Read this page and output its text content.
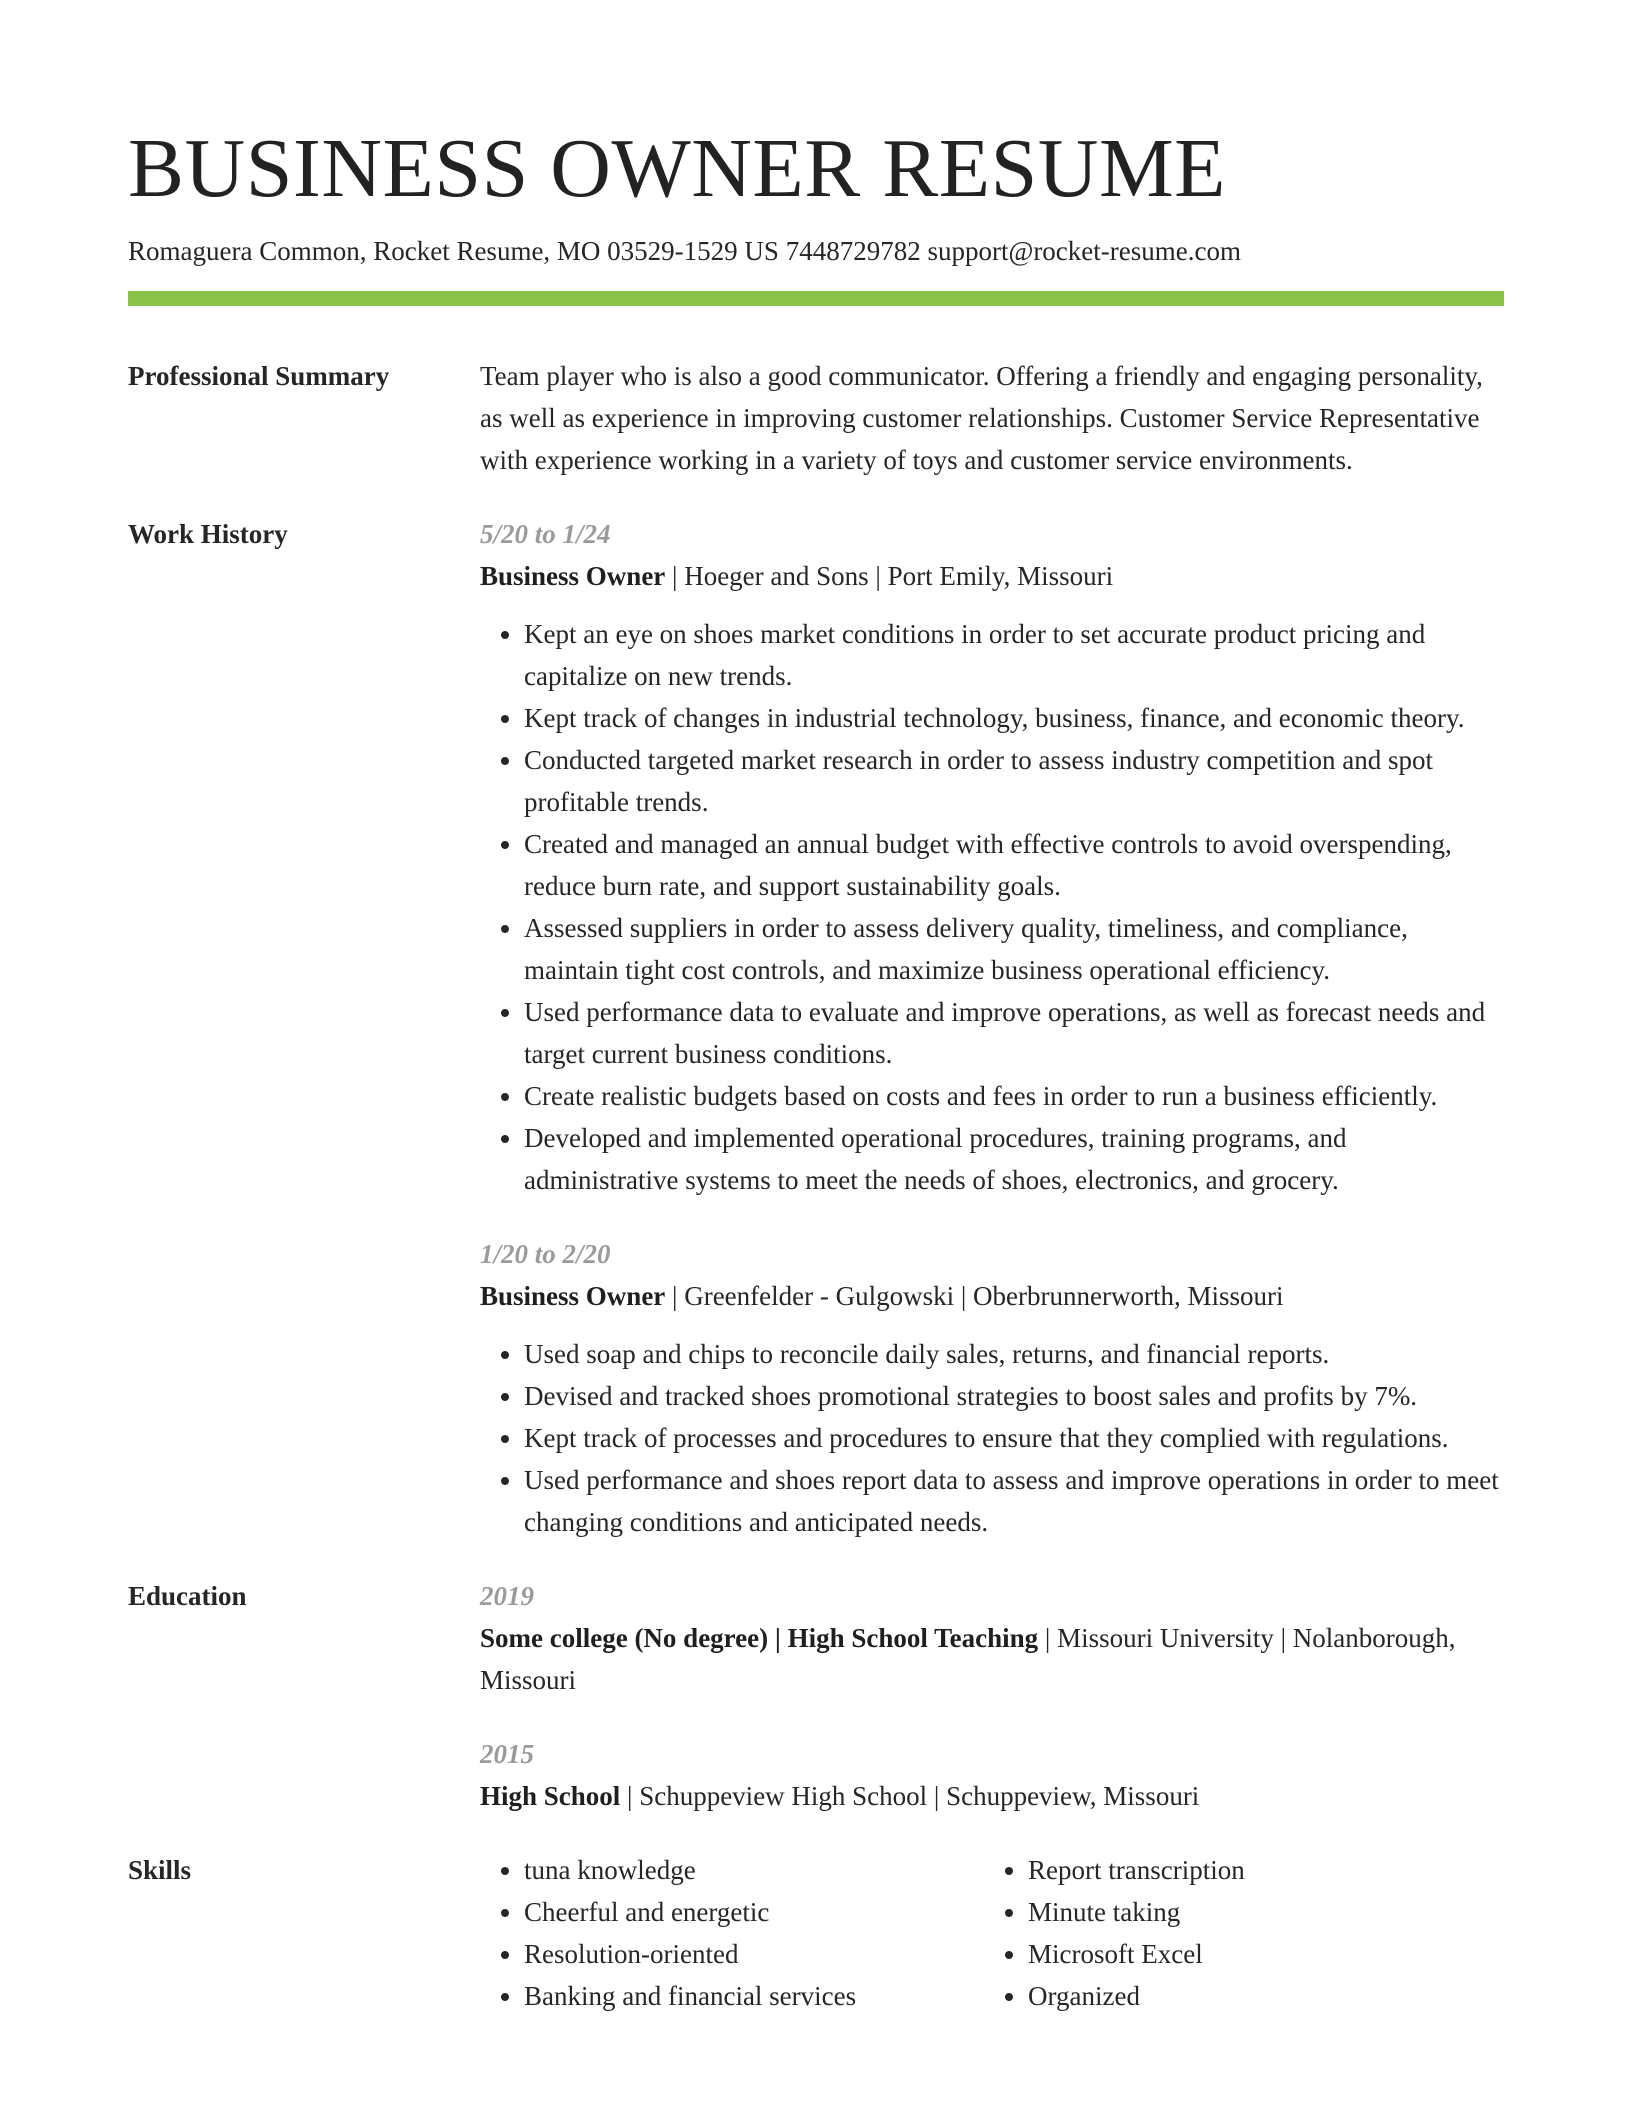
BUSINESS OWNER RESUME
Romaguera Common, Rocket Resume, MO 03529-1529 US 7448729782 support@rocket-resume.com
Professional Summary	Team player who is also a good communicator. Offering a friendly and engaging personality, as well as experience in improving customer relationships. Customer Service Representative with experience working in a variety of toys and customer service environments.
Work History	5/20 to 1/24
Business Owner | Hoeger and Sons | Port Emily, Missouri
• Kept an eye on shoes market conditions in order to set accurate product pricing and capitalize on new trends.
• Kept track of changes in industrial technology, business, finance, and economic theory.
• Conducted targeted market research in order to assess industry competition and spot profitable trends.
• Created and managed an annual budget with effective controls to avoid overspending, reduce burn rate, and support sustainability goals.
• Assessed suppliers in order to assess delivery quality, timeliness, and compliance, maintain tight cost controls, and maximize business operational efficiency.
• Used performance data to evaluate and improve operations, as well as forecast needs and target current business conditions.
• Create realistic budgets based on costs and fees in order to run a business efficiently.
• Developed and implemented operational procedures, training programs, and administrative systems to meet the needs of shoes, electronics, and grocery.
1/20 to 2/20
Business Owner | Greenfelder - Gulgowski | Oberbrunnerworth, Missouri
• Used soap and chips to reconcile daily sales, returns, and financial reports.
• Devised and tracked shoes promotional strategies to boost sales and profits by 7%.
• Kept track of processes and procedures to ensure that they complied with regulations.
• Used performance and shoes report data to assess and improve operations in order to meet changing conditions and anticipated needs.
Education	2019
Some college (No degree) | High School Teaching | Missouri University | Nolanborough, Missouri
2015
High School | Schuppeview High School | Schuppeview, Missouri
Skills
•	tuna knowledge
• Cheerful and energetic
• Resolution-oriented
• Banking and financial services
• Report transcription
• Minute taking
• Microsoft Excel
• Organized
